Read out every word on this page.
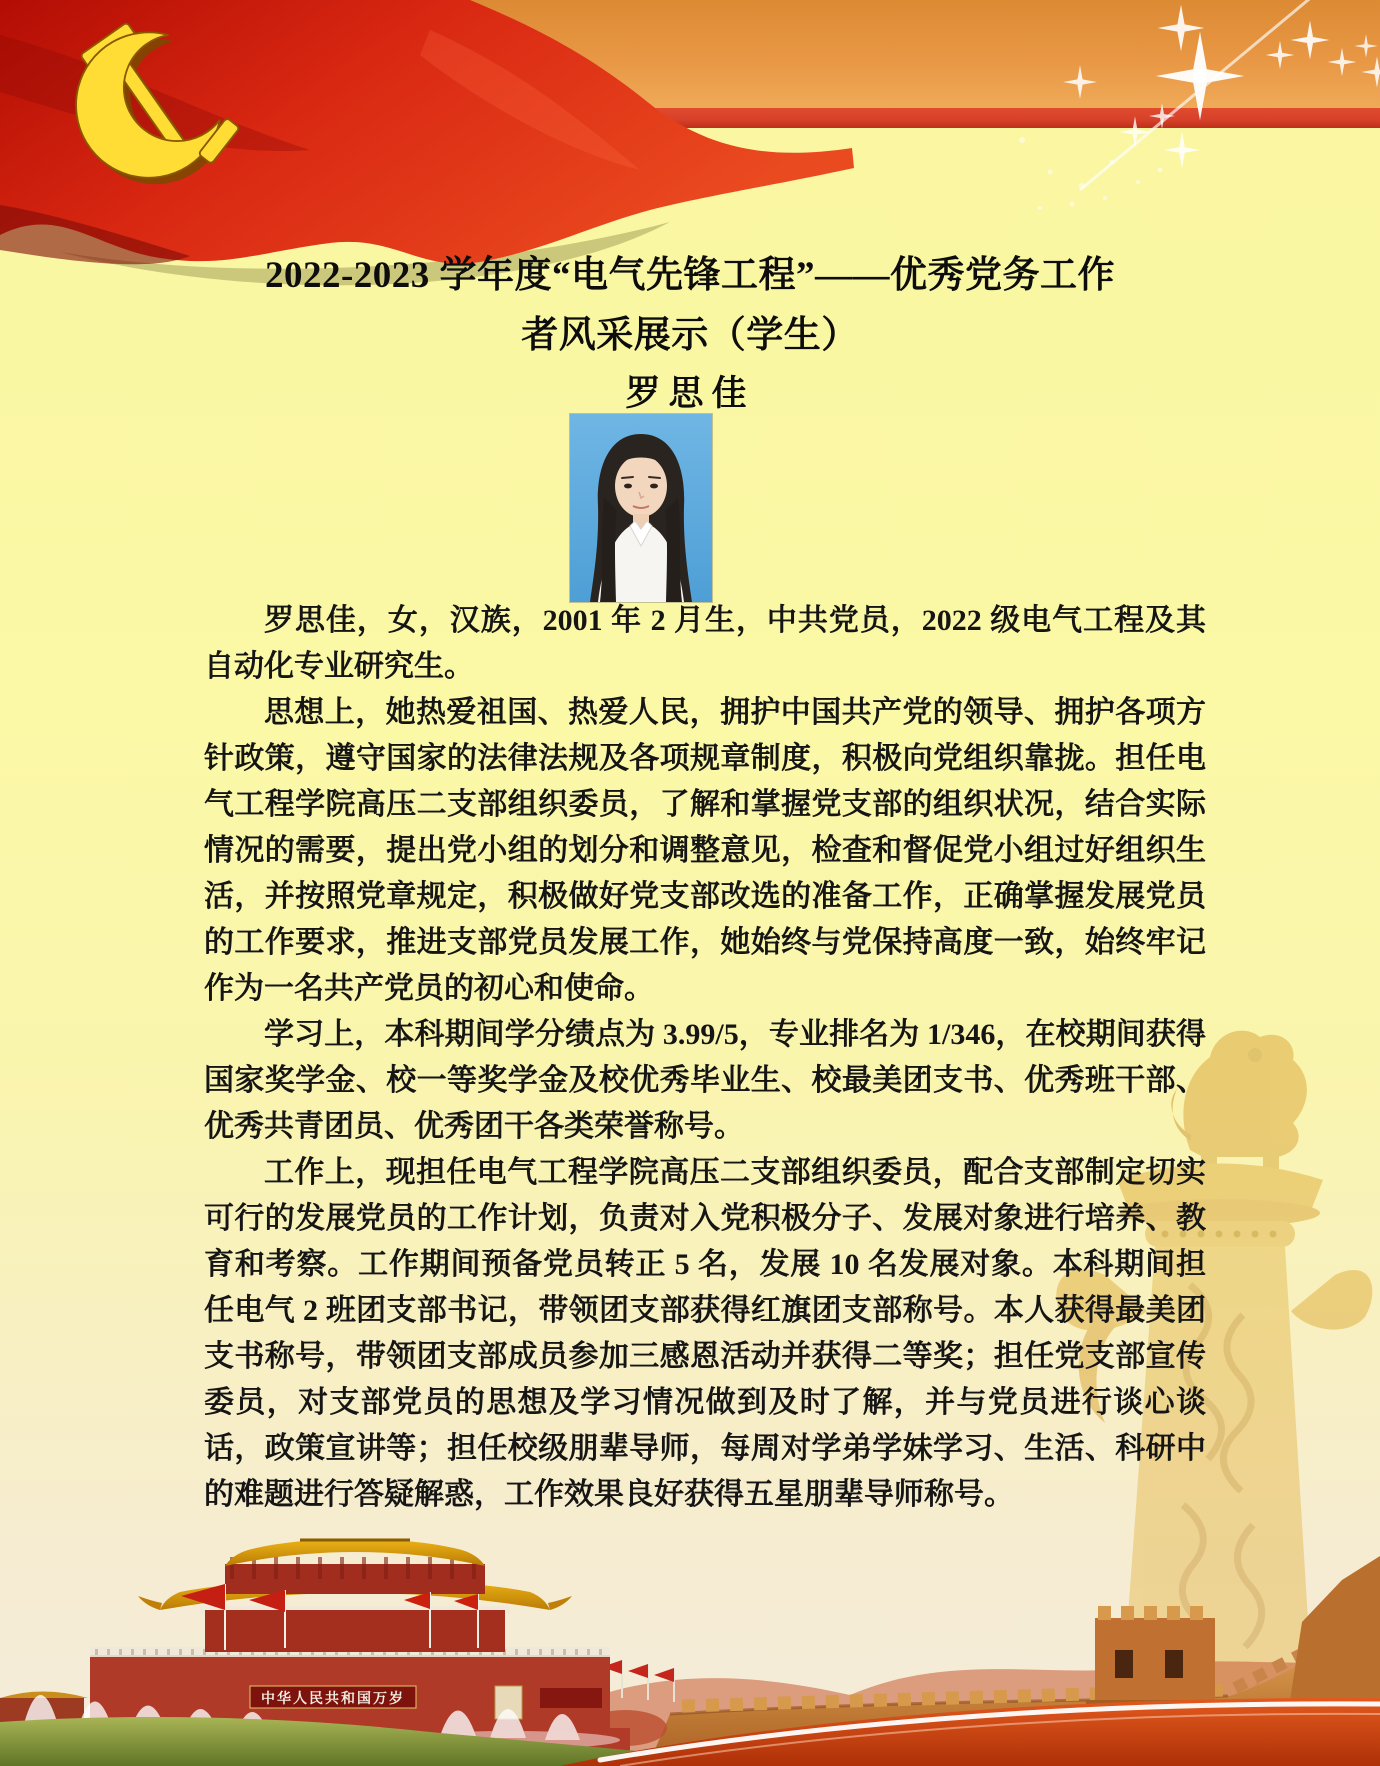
2022-2023 学年度“电气先锋工程”——优秀党务工作
者风采展示（学生）
罗思佳

罗思佳，女，汉族，2001 年 2 月生，中共党员，2022 级电气工程及其自动化专业研究生。

思想上，她热爱祖国、热爱人民，拥护中国共产党的领导、拥护各项方针政策，遵守国家的法律法规及各项规章制度，积极向党组织靠拢。担任电气工程学院高压二支部组织委员，了解和掌握党支部的组织状况，结合实际情况的需要，提出党小组的划分和调整意见，检查和督促党小组过好组织生活，并按照党章规定，积极做好党支部改选的准备工作，正确掌握发展党员的工作要求，推进支部党员发展工作，她始终与党保持高度一致，始终牢记作为一名共产党员的初心和使命。

学习上，本科期间学分绩点为 3.99/5，专业排名为 1/346，在校期间获得国家奖学金、校一等奖学金及校优秀毕业生、校最美团支书、优秀班干部、优秀共青团员、优秀团干各类荣誉称号。

工作上，现担任电气工程学院高压二支部组织委员，配合支部制定切实可行的发展党员的工作计划，负责对入党积极分子、发展对象进行培养、教育和考察。工作期间预备党员转正 5 名，发展 10 名发展对象。本科期间担任电气 2 班团支部书记，带领团支部获得红旗团支部称号。本人获得最美团支书称号，带领团支部成员参加三感恩活动并获得二等奖；担任党支部宣传委员，对支部党员的思想及学习情况做到及时了解，并与党员进行谈心谈话，政策宣讲等；担任校级朋辈导师，每周对学弟学妹学习、生活、科研中的难题进行答疑解惑，工作效果良好获得五星朋辈导师称号。

中华人民共和国万岁
